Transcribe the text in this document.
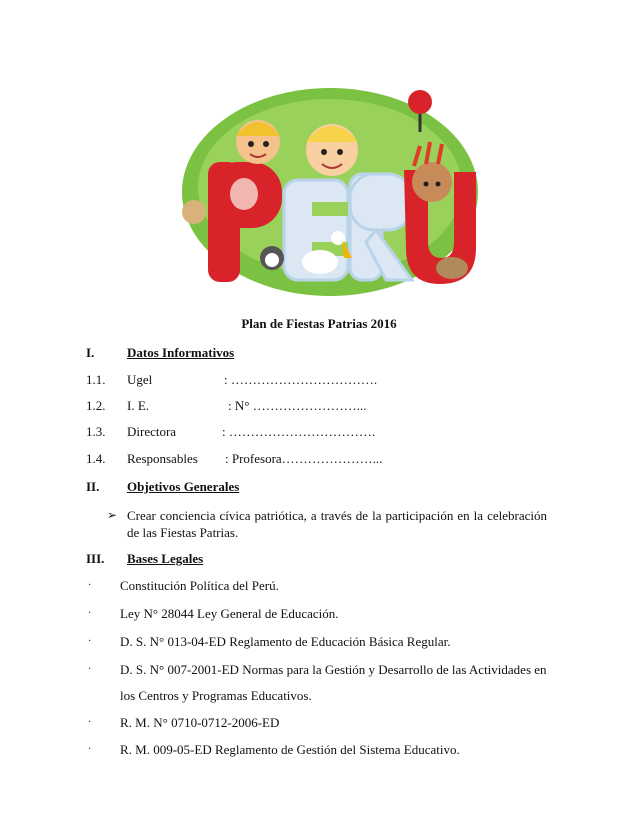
Plan de Fiestas Patrias 2016
I.	Datos Informativos
1.1. Ugel	: …………………………….
1.2. I. E.	: N° ……………………...
1.3. Directora	: …………………………….
1.4. Responsables : Profesora…………………...
II. Objetivos Generales
➢ Crear conciencia cívica patriótica, a través de la participación en la celebración de las Fiestas Patrias.
III. Bases Legales
· Constitución Política del Perú.
· Ley N° 28044 Ley General de Educación.
· D. S. N° 013-04-ED Reglamento de Educación Básica Regular.
· D. S. N° 007-2001-ED Normas para la Gestión y Desarrollo de las Actividades en
los Centros y Programas Educativos.
· R. M. N° 0710-0712-2006-ED
· R. M. 009-05-ED Reglamento de Gestión del Sistema Educativo.
